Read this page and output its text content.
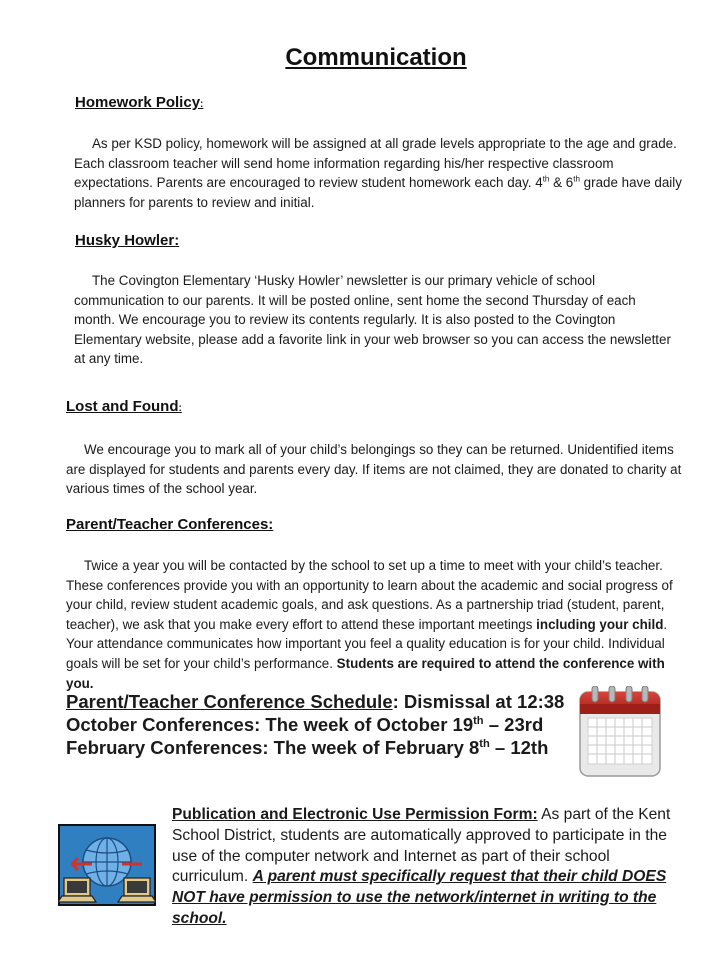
Communication
Homework Policy:
As per KSD policy, homework will be assigned at all grade levels appropriate to the age and grade. Each classroom teacher will send home information regarding his/her respective classroom expectations. Parents are encouraged to review student homework each day. 4th & 6th grade have daily planners for parents to review and initial.
Husky Howler:
The Covington Elementary ‘Husky Howler’ newsletter is our primary vehicle of school communication to our parents. It will be posted online, sent home the second Thursday of each month. We encourage you to review its contents regularly. It is also posted to the Covington Elementary website, please add a favorite link in your web browser so you can access the newsletter at any time.
Lost and Found:
We encourage you to mark all of your child’s belongings so they can be returned. Unidentified items are displayed for students and parents every day. If items are not claimed, they are donated to charity at various times of the school year.
Parent/Teacher Conferences:
Twice a year you will be contacted by the school to set up a time to meet with your child’s teacher. These conferences provide you with an opportunity to learn about the academic and social progress of your child, review student academic goals, and ask questions. As a partnership triad (student, parent, teacher), we ask that you make every effort to attend these important meetings including your child. Your attendance communicates how important you feel a quality education is for your child. Individual goals will be set for your child’s performance. Students are required to attend the conference with you.
Parent/Teacher Conference Schedule: Dismissal at 12:38
October Conferences: The week of October 19th – 23rd
February Conferences: The week of February 8th – 12th
Publication and Electronic Use Permission Form: As part of the Kent School District, students are automatically approved to participate in the use of the computer network and Internet as part of their school curriculum. A parent must specifically request that their child DOES NOT have permission to use the network/internet in writing to the school.
